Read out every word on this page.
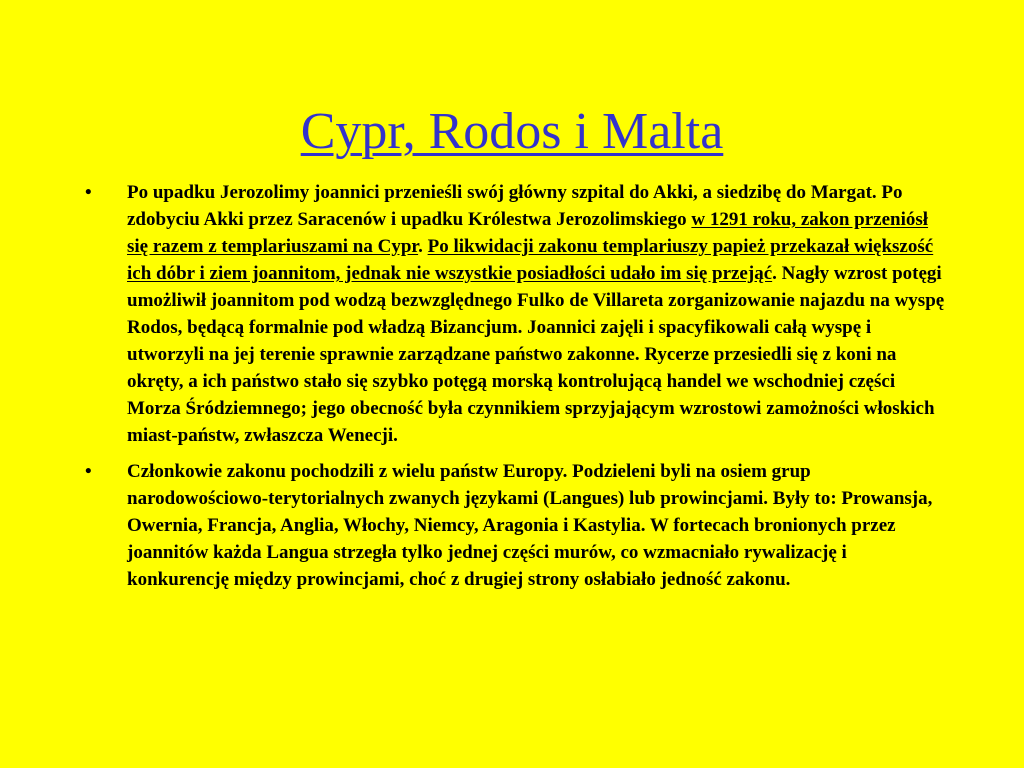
Cypr, Rodos i Malta
•	Po upadku Jerozolimy joannici przenieśli swój główny szpital do Akki, a siedzibę do Margat. Po zdobyciu Akki przez Saracenów i upadku Królestwa Jerozolimskiego w 1291 roku, zakon przeniósł się razem z templariuszami na Cypr. Po likwidacji zakonu templariuszy papież przekazał większość ich dóbr i ziem joannitom, jednak nie wszystkie posiadłości udało im się przejąć. Nagły wzrost potęgi umożliwił joannitom pod wodzą bezwzględnego Fulko de Villareta zorganizowanie najazdu na wyspę Rodos, będącą formalnie pod władzą Bizancjum. Joannici zajęli i spacyfikowali całą wyspę i utworzyli na jej terenie sprawnie zarządzane państwo zakonne. Rycerze przesiedli się z koni na okręty, a ich państwo stało się szybko potęgą morską kontrolującą handel we wschodniej części Morza Śródziemnego; jego obecność była czynnikiem sprzyjającym wzrostowi zamożności włoskich miast-państw, zwłaszcza Wenecji.
•	Członkowie zakonu pochodzili z wielu państw Europy. Podzieleni byli na osiem grup narodowościowo-terytorialnych zwanych językami (Langues) lub prowincjami. Były to: Prowansja, Owernia, Francja, Anglia, Włochy, Niemcy, Aragonia i Kastylia. W fortecach bronionych przez joannitów każda Langua strzegła tylko jednej części murów, co wzmacniało rywalizację i konkurencję między prowincjami, choć z drugiej strony osłabiało jedność zakonu.
